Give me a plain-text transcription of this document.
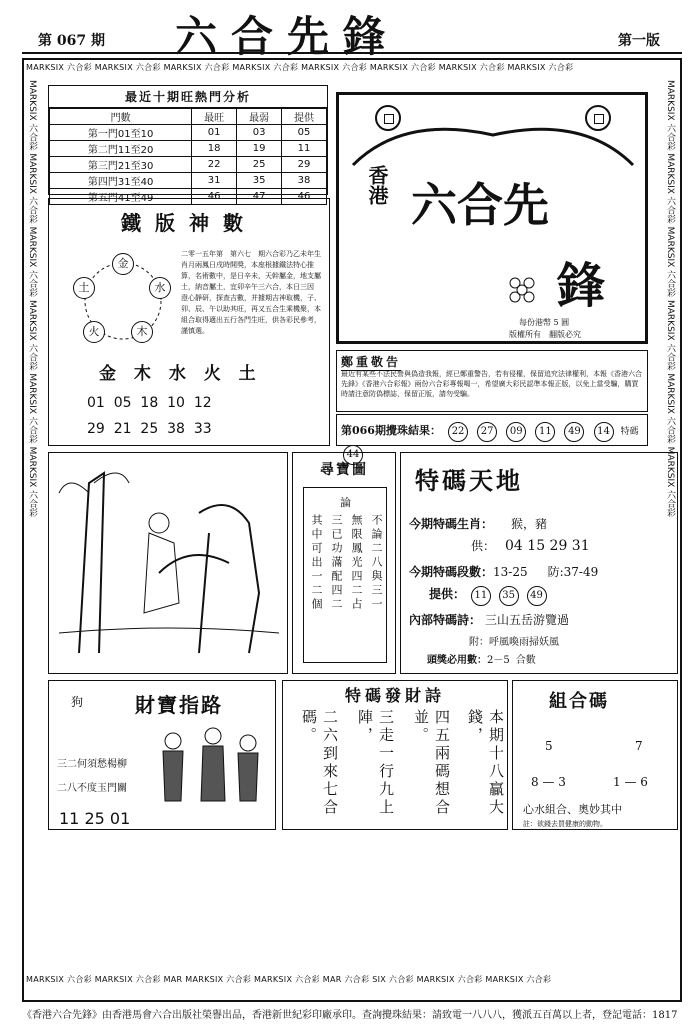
第 067 期 六合先鋒	第一版
MARKSIX 六合彩 MARKSIX 六合彩 MARKSIX 六合彩 MARKSIX 六合彩 MARKSIX 六合彩 MARKSIX 六合彩 MARKSIX 六合彩 MARKSIX 六合彩
MARKSIX 六合彩 MARKSIX 六合彩 MAR MARKSIX 六合彩 MARKSIX 六合彩 MAR 六合彩 SIX 六合彩 MARKSIX 六合彩 MARKSIX 六合彩
MARKSIX 六合彩 MARKSIX 六合彩 MARKSIX 六合彩 MARKSIX 六合彩 MARKSIX 六合彩 MARKSIX 六合彩	MARKSIX 六合彩 MARKSIX 六合彩 MARKSIX 六合彩 MARKSIX 六合彩 MARKSIX 六合彩 MARKSIX 六合彩
最近十期旺熱門分析
門數	最旺	最弱	提供
第一門01至10	01	03	05
第二門11至20	18	19	11
第三門21至30	22	25	29
第四門31至40	31	35	38
第五門41至49	46	47	46
鐵版神數
金
水
木
火
土
二零一五年第　第六七　期六合彩乃乙未年生肖月兩鳳日戌時開獎，本座根據鐵法特心推算，名術數中，是日辛未，天幹屬金，地支屬土，納音屬土，宜卯辛午三六合，本日三因　澄心靜研，探查吉數，并據期吉神取機，子、卯、辰、午以助其旺，再又五合生乘機聚，本組合取得適出五行各門生旺，供各彩民參考，謹慎選。
金 木 水 火 土
01  05  18  10  12
29  21  25  38  33
香港 六合先
鋒
每份港幣 5 圓
版權所有　翻版必究
鄭重敬告
最近有某些不法民營與偽造我報，經已鄭重警告，若有侵權，保留追究法律權利，本報《香港六合先鋒》《香港六合彩報》兩份六合彩專報喝一，希望廣大彩民認準本報正版，以免上當受騙，購買時請注意防偽標誌，保留正版，請勿受騙。
第066期攪珠結果： 22 27 09 11 49 14 特碼 44
尋寶圖
論
其中可出一二個 三已功滿配四二 無限鳳光四二占 不論二八與三一
特碼天地
今期特碼生肖： 猴，豬
供： 04 15 29 31
今期特碼段數：13-25 防:37-49
提供： 11 35 49
內部特碼詩： 三山五岳游覽過
附：呼風喚雨掃妖風
頭獎必用數：2－5 合數
狗	財寶指路
三二何須愁楊柳
二八不度玉門關
11 25 01
特碼發財詩
本期十八贏大錢，
四五兩碼想合並。
三走一行九上陣，
二六到來七合碼。
組合碼
5
8 — 3
7
1 — 6
心水組合、奧妙其中
註：欲錢去買健康的動物。
《香港六合先鋒》由香港馬會六合出版社榮譽出品，香港新世紀彩印廠承印。查詢攪珠結果：請致電一八八八，獲派五百萬以上者，登記電話：1817
